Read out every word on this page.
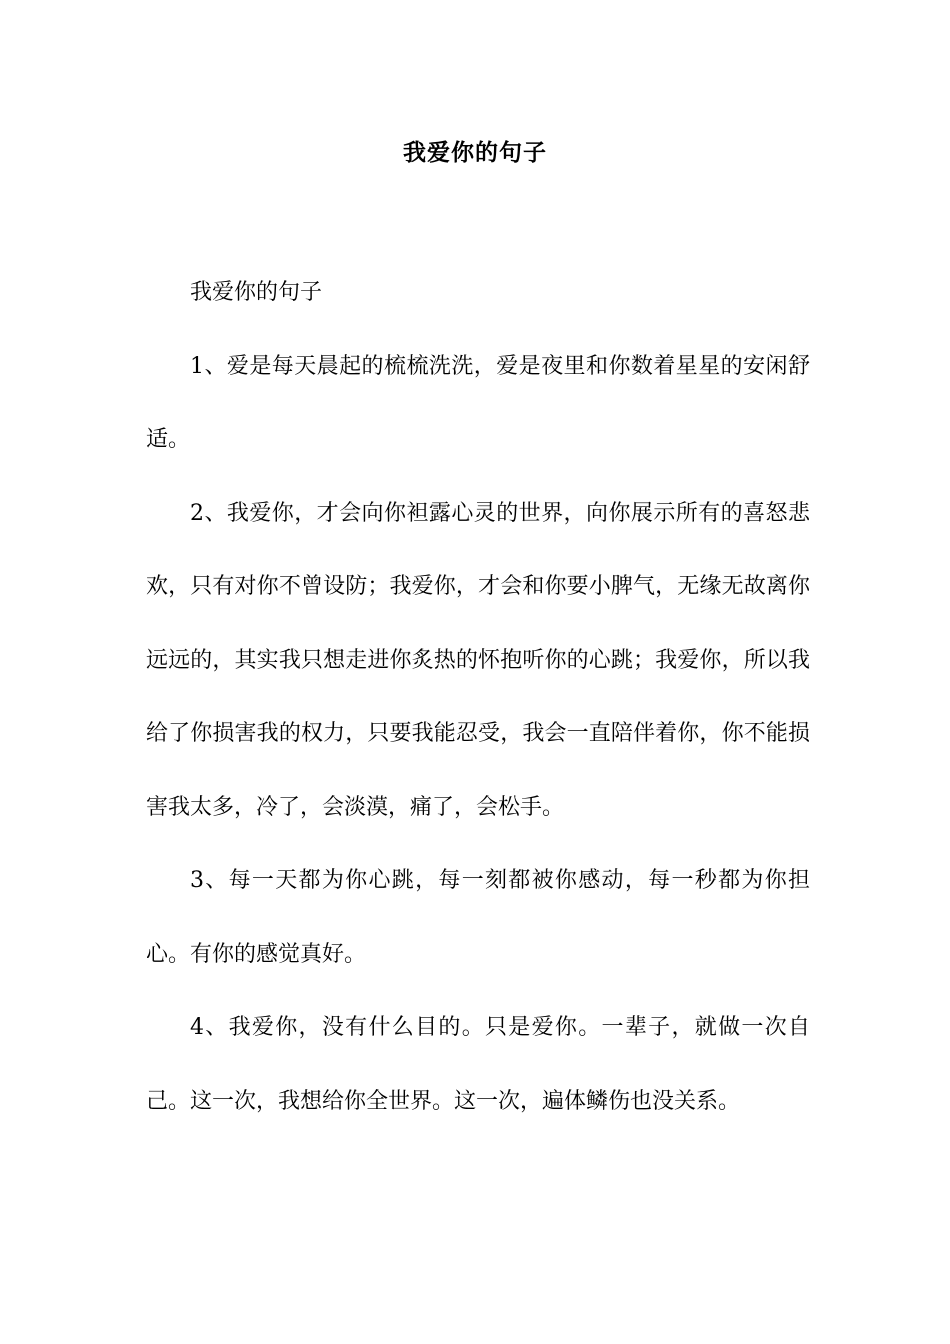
我爱你的句子

我爱你的句子

1、爱是每天晨起的梳梳洗洗，爱是夜里和你数着星星的安闲舒适。

2、我爱你，才会向你袒露心灵的世界，向你展示所有的喜怒悲欢，只有对你不曾设防；我爱你，才会和你要小脾气，无缘无故离你远远的，其实我只想走进你炙热的怀抱听你的心跳；我爱你，所以我给了你损害我的权力，只要我能忍受，我会一直陪伴着你，你不能损害我太多，冷了，会淡漠，痛了，会松手。

3、每一天都为你心跳，每一刻都被你感动，每一秒都为你担心。有你的感觉真好。

4、我爱你，没有什么目的。只是爱你。一辈子，就做一次自己。这一次，我想给你全世界。这一次，遍体鳞伤也没关系。
